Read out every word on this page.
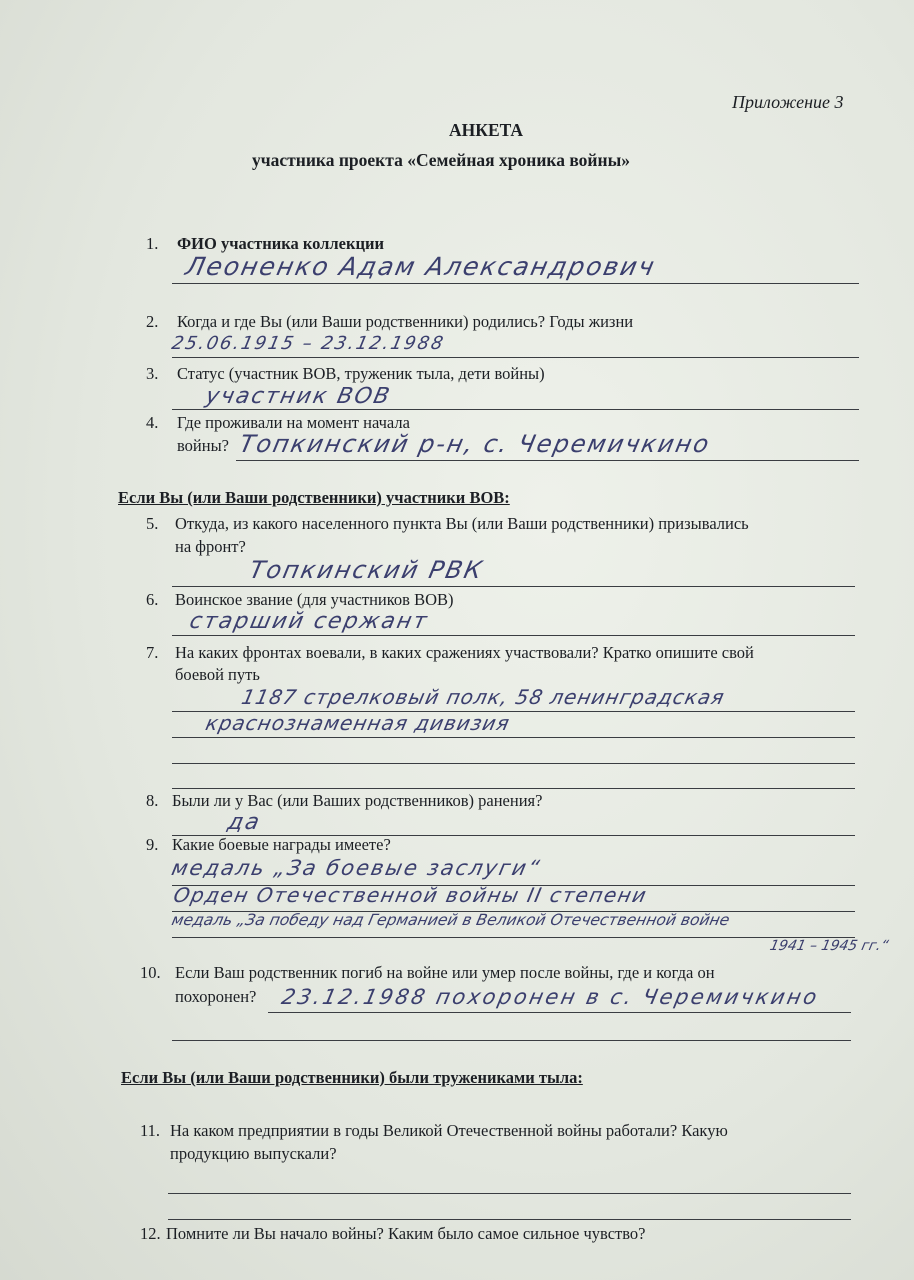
Приложение 3
АНКЕТА
участника проекта «Семейная хроника войны»
1. ФИО участника коллекции
Леоненко Адам Александрович
2. Когда и где Вы (или Ваши родственники) родились? Годы жизни
25.06.1915 – 23.12.1988
3. Статус (участник ВОВ, труженик тыла, дети войны)
участник ВОВ
4. Где проживали на момент начала
войны? Топкинский р-н, с. Черемичкино
Если Вы (или Ваши родственники) участники ВОВ:
5. Откуда, из какого населенного пункта Вы (или Ваши родственники) призывались
на фронт?
Топкинский РВК
6. Воинское звание (для участников ВОВ)
старший сержант
7. На каких фронтах воевали, в каких сражениях участвовали? Кратко опишите свой
боевой путь
1187 стрелковый полк, 58 ленинградская
краснознаменная дивизия
8. Были ли у Вас (или Ваших родственников) ранения?
да
9. Какие боевые награды имеете?
медаль „За боевые заслуги“
Орден Отечественной войны II степени
медаль „За победу над Германией в Великой Отечественной войне
1941 – 1945 гг.“
10. Если Ваш родственник погиб на войне или умер после войны, где и когда он
похоронен? 23.12.1988 похоронен в с. Черемичкино
Если Вы (или Ваши родственники) были тружениками тыла:
11. На каком предприятии в годы Великой Отечественной войны работали? Какую
продукцию выпускали?
12. Помните ли Вы начало войны? Каким было самое сильное чувство?
